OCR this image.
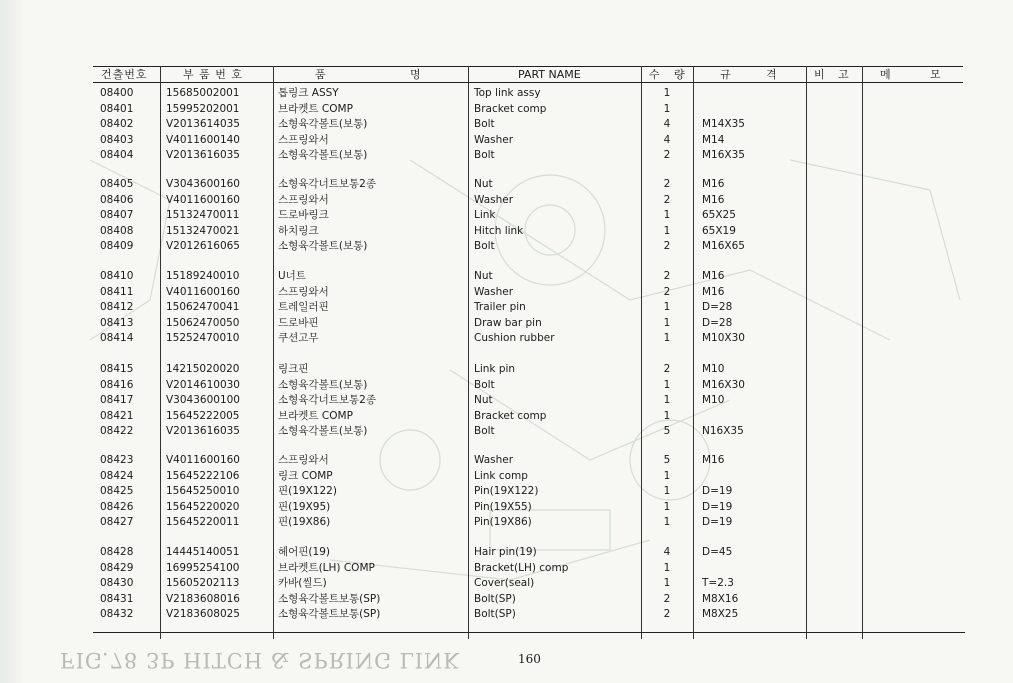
건출번호	부 품 번 호	품	명	PART NAME	수 량	규	격	비 고	메	모
08400	15685002001	톱링크 ASSY	Top link assy	1
08401	15995202001	브라켓트 COMP	Bracket comp	1
08402	V2013614035	소형육각볼트(보통)	Bolt	4	M14X35
08403	V4011600140	스프링와서	Washer	4	M14
08404	V2013616035	소형육각볼트(보통)	Bolt	2	M16X35
08405	V3043600160	소형육각너트보통2종	Nut	2	M16
08406	V4011600160	스프링와서	Washer	2	M16
08407	15132470011	드로바링크	Link	1	65X25
08408	15132470021	하치링크	Hitch link	1	65X19
08409	V2012616065	소형육각볼트(보통)	Bolt	2	M16X65
08410	15189240010	U너트	Nut	2	M16
08411	V4011600160	스프링와서	Washer	2	M16
08412	15062470041	트레일러핀	Trailer pin	1	D=28
08413	15062470050	드로바핀	Draw bar pin	1	D=28
08414	15252470010	쿠션고무	Cushion rubber	1	M10X30
08415	14215020020	링크핀	Link pin	2	M10
08416	V2014610030	소형육각볼트(보통)	Bolt	1	M16X30
08417	V3043600100	소형육각너트보통2종	Nut	1	M10
08421	15645222005	브라켓트 COMP	Bracket comp	1
08422	V2013616035	소형육각볼트(보통)	Bolt	5	N16X35
08423	V4011600160	스프링와서	Washer	5	M16
08424	15645222106	링크 COMP	Link comp	1
08425	15645250010	핀(19X122)	Pin(19X122)	1	D=19
08426	15645220020	핀(19X95)	Pin(19X55)	1	D=19
08427	15645220011	핀(19X86)	Pin(19X86)	1	D=19
08428	14445140051	헤어핀(19)	Hair pin(19)	4	D=45
08429	16995254100	브라켓트(LH) COMP	Bracket(LH) comp	1
08430	15605202113	카바(씰드)	Cover(seal)	1	T=2.3
08431	V2183608016	소형육각볼트보통(SP)	Bolt(SP)	2	M8X16
08432	V2183608025	소형육각볼트보통(SP)	Bolt(SP)	2	M8X25
FIG.78 3P HITCH & SPRING LINK	160
